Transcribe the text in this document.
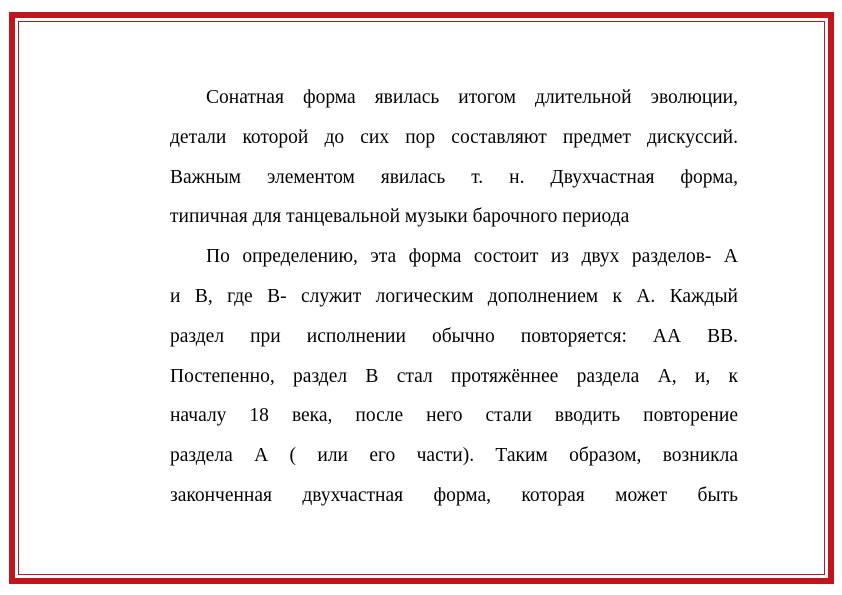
Сонатная форма явилась итогом длительной эволюции,
детали которой до сих пор составляют предмет дискуссий.
Важным элементом явилась т. н. Двухчастная форма,
типичная для танцевальной музыки барочного периода
По определению, эта форма состоит из двух разделов- А
и В, где В- служит логическим дополнением к А. Каждый
раздел при исполнении обычно повторяется: АА ВВ.
Постепенно, раздел В стал протяжённее раздела А, и, к
началу 18 века, после него стали вводить повторение
раздела А ( или его части). Таким образом, возникла
законченная двухчастная форма, которая может быть
